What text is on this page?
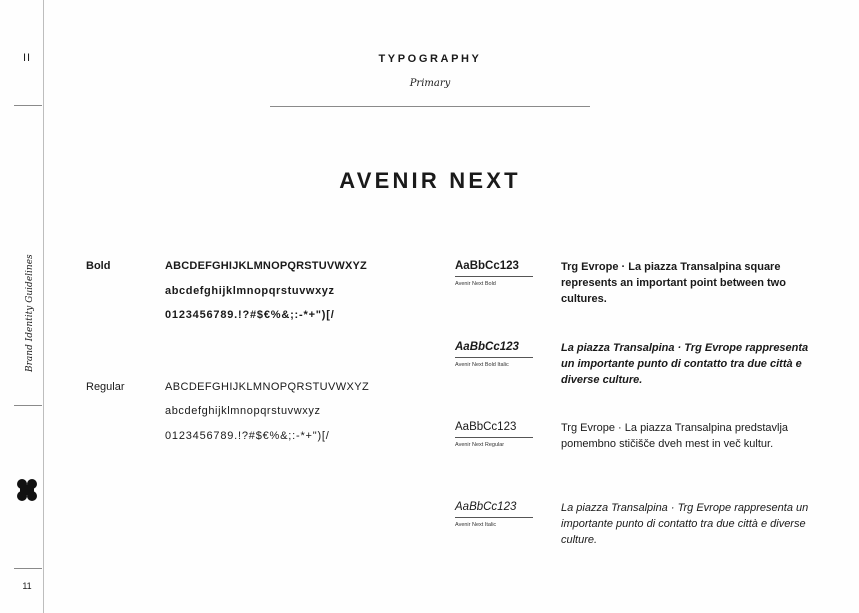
II
Brand Identity Guidelines
11
TYPOGRAPHY
Primary
AVENIR NEXT
Bold	ABCDEFGHIJKLMNOPQRSTUVWXYZ
abcdefghijklmnopqrstuvwxyz
0123456789.!?#$€%&;:-*+")[/
Regular	ABCDEFGHIJKLMNOPQRSTUVWXYZ
abcdefghijklmnopqrstuvwxyz
0123456789.!?#$€%&;:-*+")[/
AaBbCc123
Avenir Next Bold
Trg Evrope · La piazza Transalpina square represents an important point between two cultures.
AaBbCc123
Avenir Next Bold Italic
La piazza Transalpina · Trg Evrope rappresenta un importante punto di contatto tra due città e diverse culture.
AaBbCc123
Avenir Next Regular
Trg Evrope · La piazza Transalpina predstavlja pomembno stičišče dveh mest in več kultur.
AaBbCc123
Avenir Next Italic
La piazza Transalpina · Trg Evrope rappresenta un importante punto di contatto tra due città e diverse culture.
